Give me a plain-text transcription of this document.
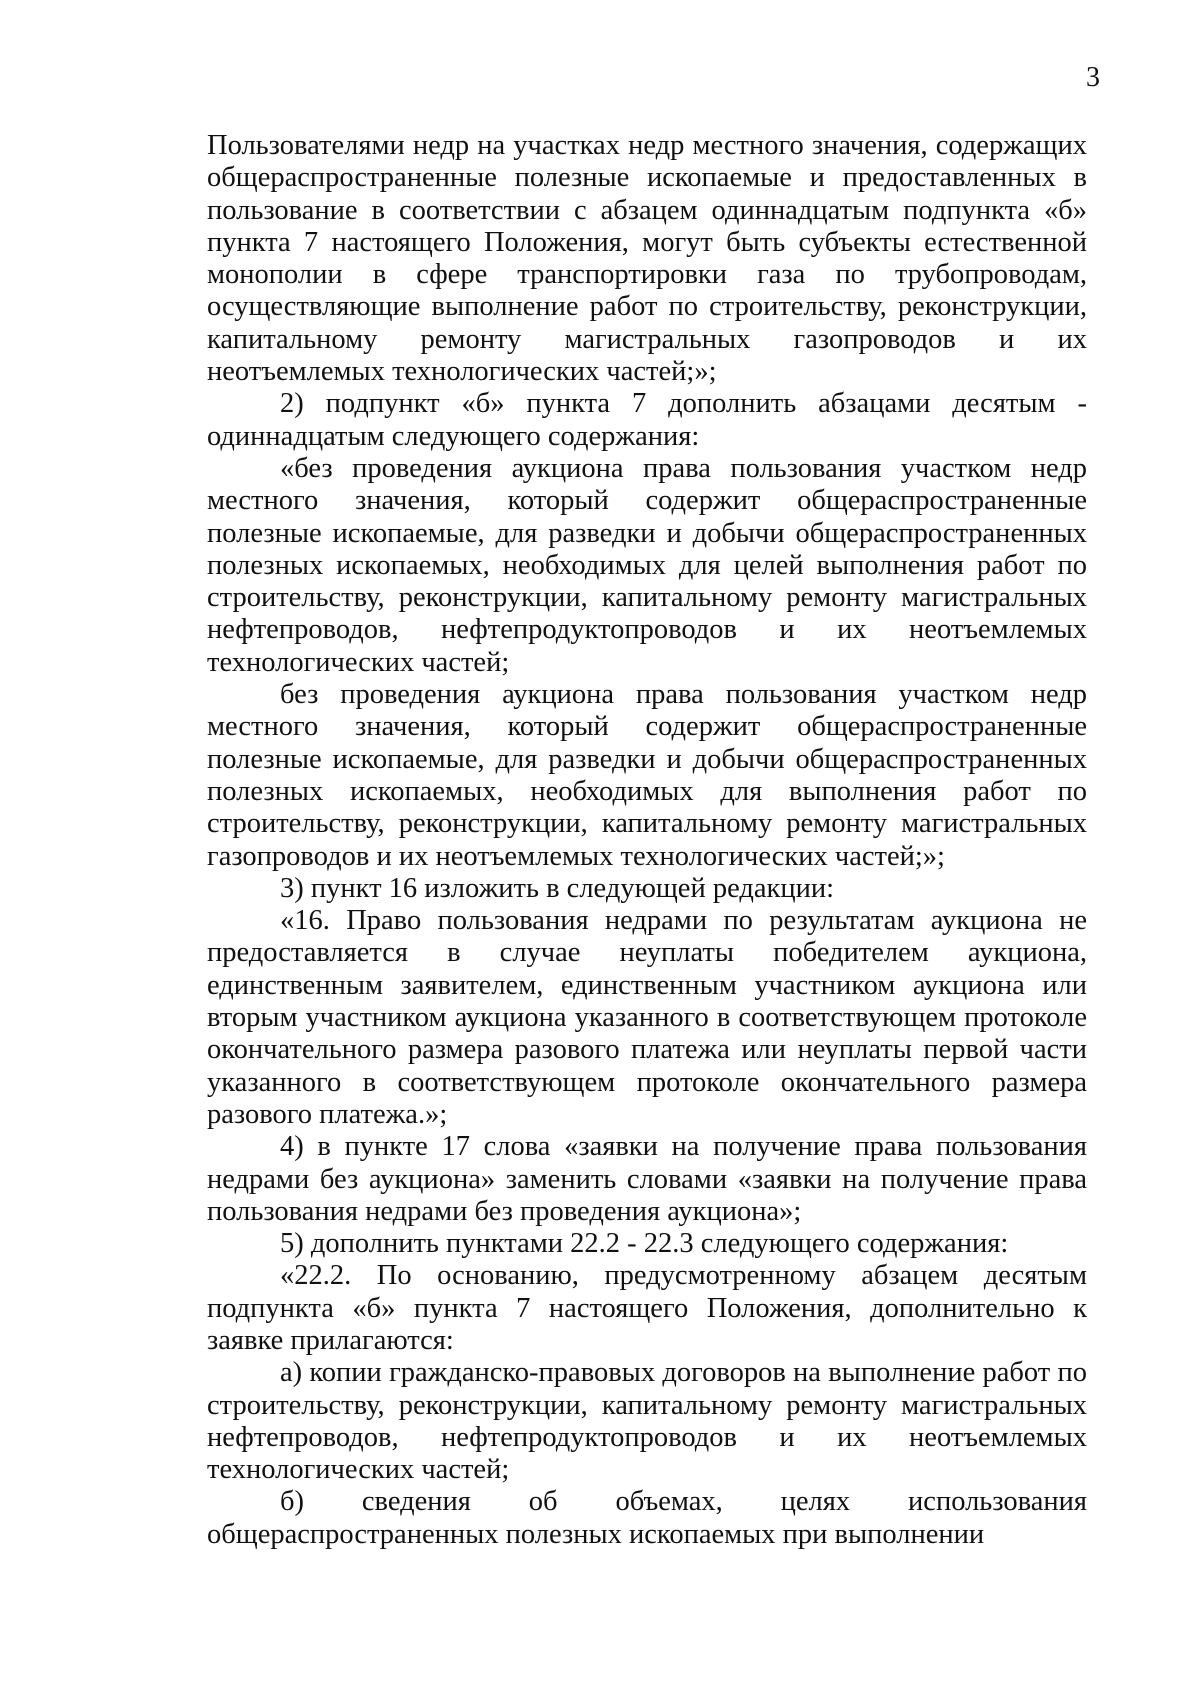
3

Пользователями недр на участках недр местного значения, содержащих общераспространенные полезные ископаемые и предоставленных в пользование в соответствии с абзацем одиннадцатым подпункта «б» пункта 7 настоящего Положения, могут быть субъекты естественной монополии в сфере транспортировки газа по трубопроводам, осуществляющие выполнение работ по строительству, реконструкции, капитальному ремонту магистральных газопроводов и их неотъемлемых технологических частей;»;

2) подпункт «б» пункта 7 дополнить абзацами десятым - одиннадцатым следующего содержания:

«без проведения аукциона права пользования участком недр местного значения, который содержит общераспространенные полезные ископаемые, для разведки и добычи общераспространенных полезных ископаемых, необходимых для целей выполнения работ по строительству, реконструкции, капитальному ремонту магистральных нефтепроводов, нефтепродуктопроводов и их неотъемлемых технологических частей;

без проведения аукциона права пользования участком недр местного значения, который содержит общераспространенные полезные ископаемые, для разведки и добычи общераспространенных полезных ископаемых, необходимых для выполнения работ по строительству, реконструкции, капитальному ремонту магистральных газопроводов и их неотъемлемых технологических частей;»;

3) пункт 16 изложить в следующей редакции:

«16. Право пользования недрами по результатам аукциона не предоставляется в случае неуплаты победителем аукциона, единственным заявителем, единственным участником аукциона или вторым участником аукциона указанного в соответствующем протоколе окончательного размера разового платежа или неуплаты первой части указанного в соответствующем протоколе окончательного размера разового платежа.»;

4) в пункте 17 слова «заявки на получение права пользования недрами без аукциона» заменить словами «заявки на получение права пользования недрами без проведения аукциона»;

5) дополнить пунктами 22.2 - 22.3 следующего содержания:

«22.2. По основанию, предусмотренному абзацем десятым подпункта «б» пункта 7 настоящего Положения, дополнительно к заявке прилагаются:

а) копии гражданско-правовых договоров на выполнение работ по строительству, реконструкции, капитальному ремонту магистральных нефтепроводов, нефтепродуктопроводов и их неотъемлемых технологических частей;

б) сведения об объемах, целях использования общераспространенных полезных ископаемых при выполнении
